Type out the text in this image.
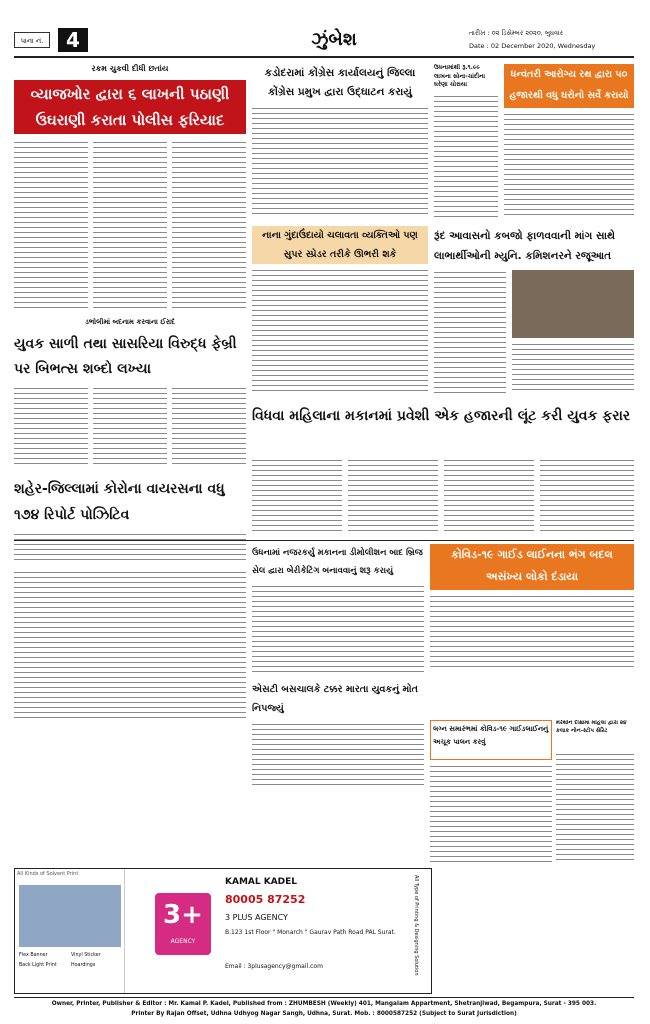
પાના નં.	4	ઝુંબેશ	તારીખ : ૦૨ ડિસેમ્બર ૨૦૨૦, બુધવાર
Date : 02 December 2020, Wednesday
રકમ ચુકવી દીધી છતાંય
વ્યાજખોર દ્વારા ૬ લાખની પઠાણી ઉઘરાણી કરાતા પોલીસ ફરિયાદ
કડોદરામાં કોંગ્રેસ કાર્યાલયનું જિલ્લા કોંગ્રેસ પ્રમુખ દ્વારા ઉદ્ઘાટન કરાયું
ઉધનામાંથી રૂ.૧.૯૯ લાખના સોના-ચાંદીના ઘરેણા ચોરાયા
ધન્વંતરી આરોગ્ય રથ દ્વારા ૫૦ હજારથી વધુ ઘરોનો સર્વે કરાયો
નાના ગુંદાઉંદાયો ચલાવતા વ્યક્તિઓ પણ સુપર સ્પ્રેડર તરીકે ઊભરી શકે
રૂંદ આવાસનો કબજો ફાળવવાની માંગ સાથે લાભાર્થીઓની મ્યુનિ. કમિશનરને રજૂઆત
ડભોલીમાં બદનામ કરવાના ઈરાદે
યુવક સાળી તથા સાસરિયા વિરુદ્ધ ફેબ્રી પર બિભત્સ શબ્દો લખ્યા
વિધવા મહિલાના મકાનમાં પ્રવેશી એક હજારની લૂંટ કરી યુવક ફરાર
શહેર-જિલ્લામાં કોરોના વાયરસના વધુ ૧૭૪ રિપોર્ટ પોઝિટિવ
ઉધનામાં નજરકર્યુ મકાનના ડીમોલીશન બાદ બ્રિજ સેલ દ્વારા બેરીકેટિંગ બનાવવાનું શરૂ કરાયું
કોવિડ-૧૯ ગાઈડ લાઈનના ભંગ બદલ અસંખ્ય લોકો દંડાયા
એસટી બસચાલકે ટક્કર મારતા યુવકનું મોત નિપજ્યું
લગ્ન સમારંભમાં કોવિડ-૧૯ ગાઈડલાઈનનું અચૂક પાલન કરવું
મેરેથોન દીક્ષામાં મહિલા દ્વારા ૨૪ કલાક નોન-સ્ટોપ સેરિટ
All Kinds of Solvent Print
Flex Banner	Vinyl Sticker
Back Light Print	Hoardings
3+
AGENCY
KAMAL KADEL
80005 87252
3 PLUS AGENCY
B.123 1st Floor " Monarch " Gaurav Path Road PAL Surat.
Email : 3plusagency@gmail.com	All Type of Printing & Designing Solution
Owner, Printer, Publisher & Editor : Mr. Kamal P. Kadel, Published from : ZHUMBESH (Weekly) 401, Mangalam Appartment, Shetranjiwad, Begampura, Surat - 395 003.
Printer By Rajan Offset, Udhna Udhyog Nagar Sangh, Udhna, Surat. Mob. : 8000587252 (Subject to Surat Jurisdiction)
